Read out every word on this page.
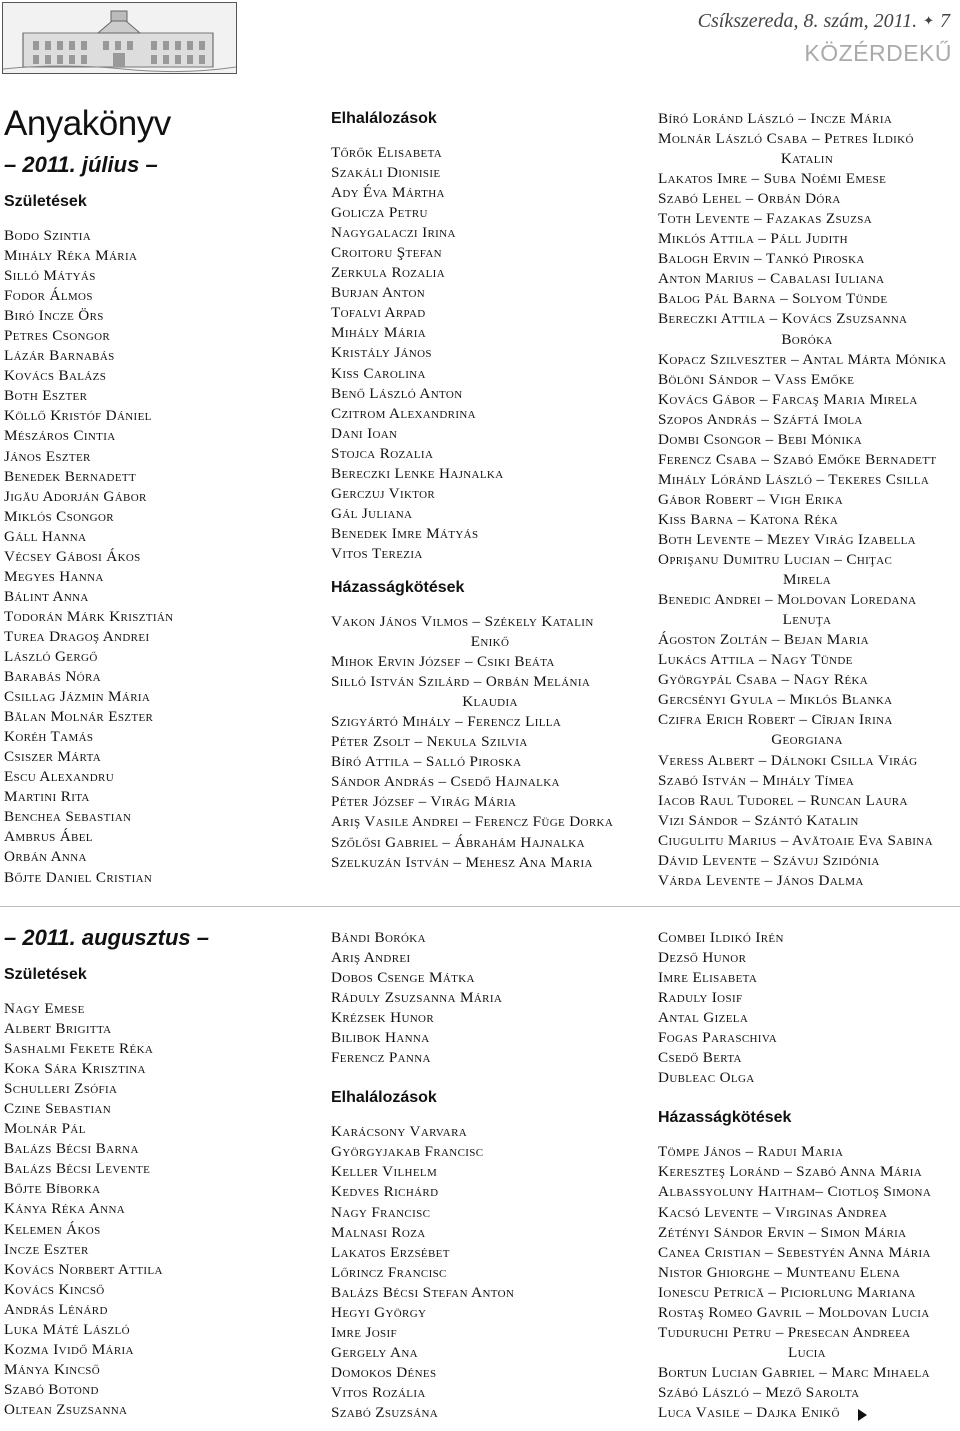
Csíkszereda, 8. szám, 2011. ✦ 7
KÖZÉRDEKŰ
Anyakönyv
– 2011. július –
Születések
Bodo Szintia
Mihály Réka Mária
Silló Mátyás
Fodor Álmos
Biró Incze Örs
Petres Csongor
Lázár Barnabás
Kovács Balázs
Both Eszter
Köllő Kristóf Dániel
Mészáros Cintia
János Eszter
Benedek Bernadett
Jigău Adorján Gábor
Miklós Csongor
Gáll Hanna
Vécsey Gábosi Ákos
Megyes Hanna
Bálint Anna
Todorán Márk Krisztián
Turea Dragoş Andrei
László Gergő
Barabás Nóra
Csillag Jázmin Mária
Bălan Molnár Eszter
Koréh Tamás
Csiszer Márta
Escu Alexandru
Martini Rita
Benchea Sebastian
Ambrus Ábel
Orbán Anna
Bőjte Daniel Cristian
Elhalálozások
Tőrők Elisabeta
Szakáli Dionisie
Ady Éva Mártha
Golicza Petru
Nagygalaczi Irina
Croitoru Ştefan
Zerkula Rozalia
Burjan Anton
Tofalvi Arpad
Mihály Mária
Kristály János
Kiss Carolina
Benő László Anton
Czitrom Alexandrina
Dani Ioan
Stojca Rozalia
Bereczki Lenke Hajnalka
Gerczuj Viktor
Gál Juliana
Benedek Imre Mátyás
Vitos Terezia
Házasságkötések
Vakon János Vilmos – Székely Katalin
Enikő
Mihok Ervin József – Csiki Beáta
Silló István Szilárd – Orbán Melánia
Klaudia
Szigyártó Mihály – Ferencz Lilla
Péter Zsolt – Nekula Szilvia
Bíró Attila – Salló Piroska
Sándor András – Csedő Hajnalka
Péter József – Virág Mária
Ariş Vasile Andrei – Ferencz Füge Dorka
Szőlősi Gabriel – Ábrahám Hajnalka
Szelkuzán István – Mehesz Ana Maria
Bíró Loránd László – Incze Mária
Molnár László Csaba – Petres Ildikó
Katalin
Lakatos Imre – Suba Noémi Emese
Szabó Lehel – Orbán Dóra
Toth Levente – Fazakas Zsuzsa
Miklós Attila – Páll Judith
Balogh Ervin – Tankó Piroska
Anton Marius – Cabalasi Iuliana
Balog Pál Barna – Solyom Tünde
Bereczki Attila – Kovács Zsuzsanna
Boróka
Kopacz Szilveszter – Antal Márta Mónika
Bölöni Sándor – Vass Emőke
Kovács Gábor – Farcaş Maria Mirela
Szopos András – Száftá Imola
Dombi Csongor – Bebi Mónika
Ferencz Csaba – Szabó Emőke Bernadett
Mihály Lóránd László – Tekeres Csilla
Gábor Robert – Vigh Erika
Kiss Barna – Katona Réka
Both Levente – Mezey Virág Izabella
Oprişanu Dumitru Lucian – Chiţac
Mirela
Benedic Andrei – Moldovan Loredana
Lenuţa
Ágoston Zoltán – Bejan Maria
Lukács Attila – Nagy Tünde
Györgypál Csaba – Nagy Réka
Gercsényi Gyula – Miklós Blanka
Czifra Erich Robert – Cîrjan Irina
Georgiana
Veress Albert – Dálnoki Csilla Virág
Szabó István – Mihály Tímea
Iacob Raul Tudorel – Runcan Laura
Vizi Sándor – Szántó Katalin
Ciugulitu Marius – Avătoaie Eva Sabina
Dávid Levente – Szávuj Szidónia
Várda Levente – János Dalma
– 2011. augusztus –
Születések
Nagy Emese
Albert Brigitta
Sashalmi Fekete Réka
Koka Sára Krisztina
Schulleri Zsófia
Czine Sebastian
Molnár Pál
Balázs Bécsi Barna
Balázs Bécsi Levente
Bőjte Bíborka
Kánya Réka Anna
Kelemen Ákos
Incze Eszter
Kovács Norbert Attila
Kovács Kincső
András Lénárd
Luka Máté László
Kozma Ividő Mária
Mánya Kincső
Szabó Botond
Oltean Zsuzsanna
Bándi Boróka
Ariş Andrei
Dobos Csenge Mátka
Ráduly Zsuzsanna Mária
Krézsek Hunor
Bilibok Hanna
Ferencz Panna
Elhalálozások
Karácsony Varvara
Györgyjakab Francisc
Keller Vilhelm
Kedves Richárd
Nagy Francisc
Malnasi Roza
Lakatos Erzsébet
Lőrincz Francisc
Balázs Bécsi Stefan Anton
Hegyi György
Imre Josif
Gergely Ana
Domokos Dénes
Vitos Rozália
Szabó Zsuzsána
Combei Ildikó Irén
Dezső Hunor
Imre Elisabeta
Raduly Iosif
Antal Gizela
Fogas Paraschiva
Csedő Berta
Dubleac Olga
Házasságkötések
Tömpe János – Radui Maria
Kereszteş Loránd – Szabó Anna Mária
Albassyoluny Haitham– Ciotloş Simona
Kacsó Levente – Virginas Andrea
Zétényi Sándor Ervin – Simon Mária
Canea Cristian – Sebestyén Anna Mária
Nistor Ghiorghe – Munteanu Elena
Ionescu Petrică – Piciorlung Mariana
Rostaş Romeo Gavril – Moldovan Lucia
Tuduruchi Petru – Presecan Andreea
Lucia
Bortun Lucian Gabriel – Marc Mihaela
Szábó László – Mező Sarolta
Luca Vasile – Dajka Enikő
